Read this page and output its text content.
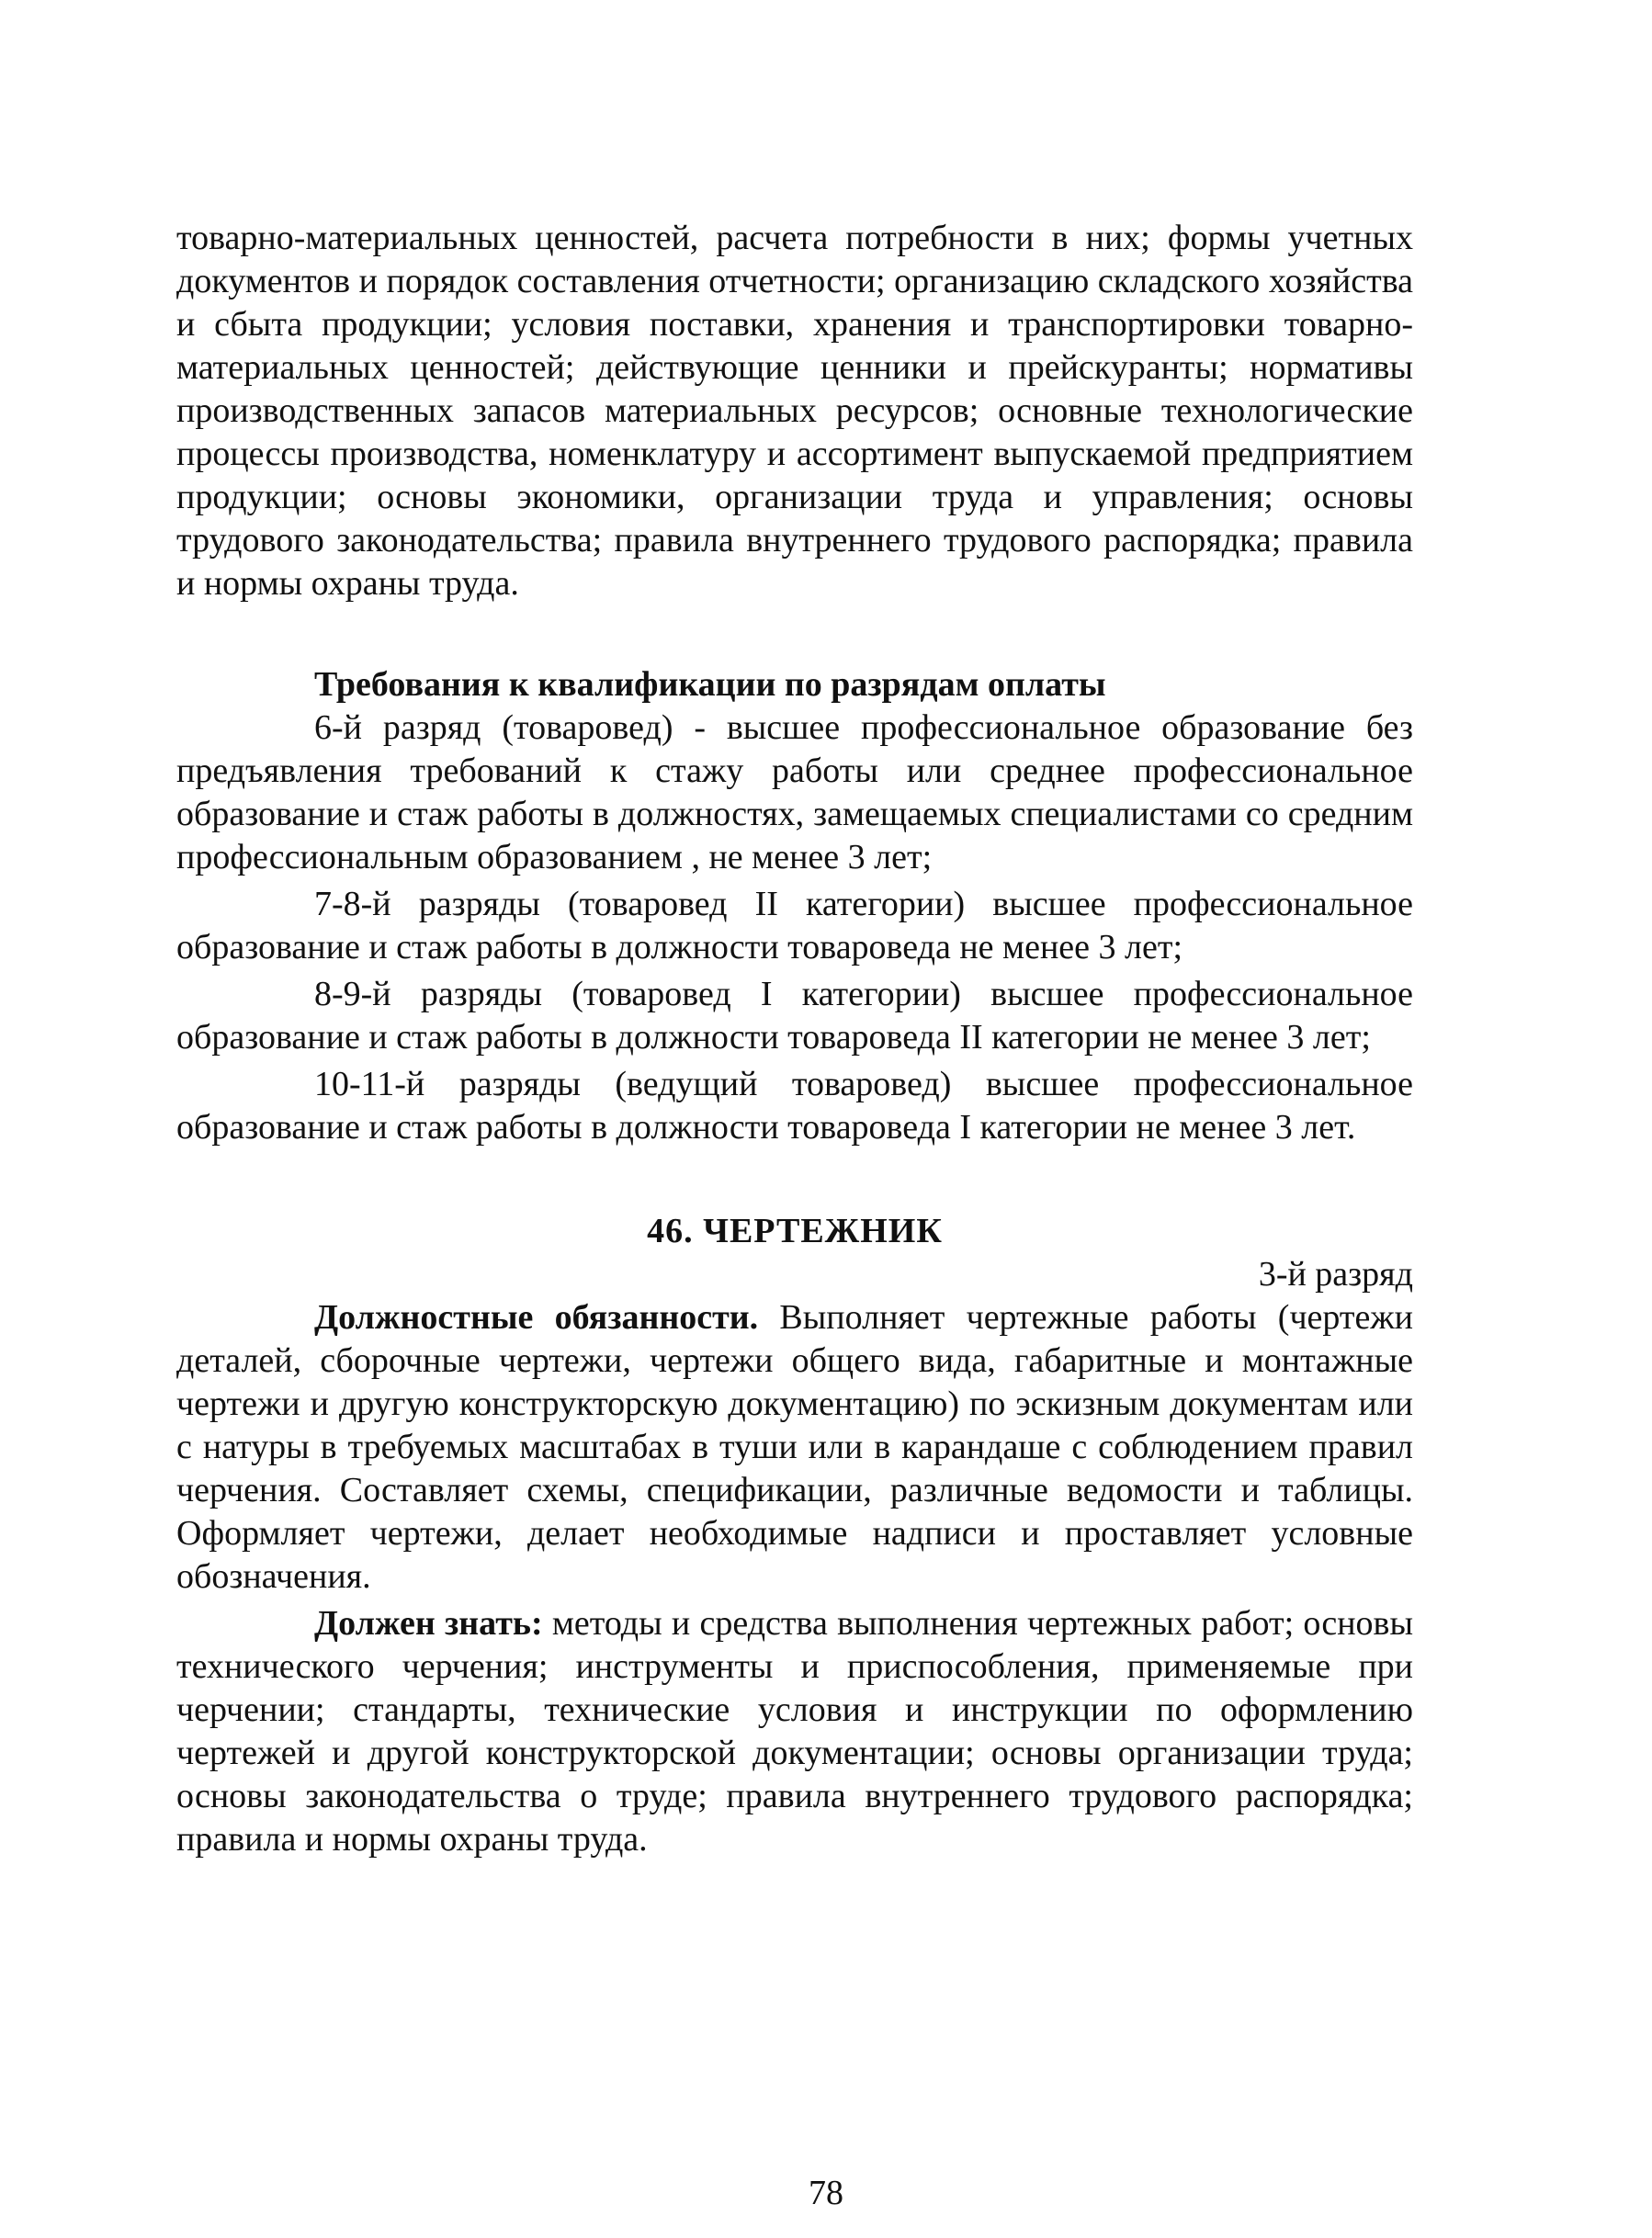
товарно-материальных ценностей, расчета потребности в них; формы учетных документов и порядок составления отчетности; организацию складского хозяйства и сбыта продукции; условия поставки, хранения и транспортировки товарно-материальных ценностей; действующие ценники и прейскуранты; нормативы производственных запасов материальных ресурсов; основные технологические процессы производства, номенклатуру и ассортимент выпускаемой предприятием продукции; основы экономики, организации труда и управления; основы трудового законодательства; правила внутреннего трудового распорядка; правила и нормы охраны труда.

Требования к квалификации по разрядам оплаты

6-й разряд (товаровед) - высшее профессиональное образование без предъявления требований к стажу работы или среднее профессиональное образование и стаж работы в должностях, замещаемых специалистами со средним профессиональным образованием , не менее 3 лет;

7-8-й разряды (товаровед II категории) высшее профессиональное образование и стаж работы в должности товароведа не менее 3 лет;

8-9-й разряды (товаровед I категории) высшее профессиональное образование и стаж работы в должности товароведа II категории не менее 3 лет;

10-11-й разряды (ведущий товаровед) высшее профессиональное образование и стаж работы в должности товароведа I категории не менее 3 лет.

46. ЧЕРТЕЖНИК

3-й разряд

Должностные обязанности. Выполняет чертежные работы (чертежи деталей, сборочные чертежи, чертежи общего вида, габаритные и монтажные чертежи и другую конструкторскую документацию) по эскизным документам или с натуры в требуемых масштабах в туши или в карандаше с соблюдением правил черчения. Составляет схемы, спецификации, различные ведомости и таблицы. Оформляет чертежи, делает необходимые надписи и проставляет условные обозначения.

Должен знать: методы и средства выполнения чертежных работ; основы технического черчения; инструменты и приспособления, применяемые при черчении; стандарты, технические условия и инструкции по оформлению чертежей и другой конструкторской документации; основы организации труда; основы законодательства о труде; правила внутреннего трудового распорядка; правила и нормы охраны труда.

78
